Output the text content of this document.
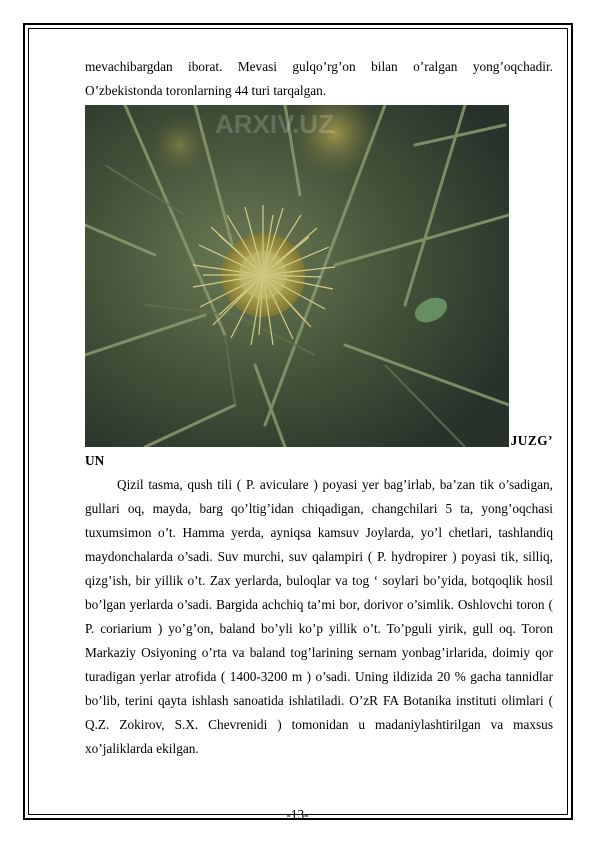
mevachibargdan iborat. Mevasi gulqo’rg’on bilan o’ralgan yong’oqchadir. O’zbekistonda toronlarning 44 turi tarqalgan.

ARXIV.UZ
JUZG’

UN

Qizil tasma, qush tili ( P. aviculare ) poyasi yer bag’irlab, ba’zan tik o’sadigan, gullari oq, mayda, barg qo’ltig’idan chiqadigan, changchilari 5 ta, yong’oqchasi tuxumsimon o’t. Hamma yerda, ayniqsa kamsuv Joylarda, yo’l chetlari, tashlandiq maydonchalarda o’sadi. Suv murchi, suv qalampiri ( P. hydropirer ) poyasi tik, silliq, qizg’ish, bir yillik o’t. Zax yerlarda, buloqlar va tog ‘ soylari bo’yida, botqoqlik hosil bo’lgan yerlarda o’sadi. Bargida achchiq ta’mi bor, dorivor o’simlik. Oshlovchi toron ( P. coriarium ) yo’g’on, baland bo’yli ko’p yillik o’t. To’pguli yirik, gull oq. Toron Markaziy Osiyoning o’rta va baland tog’larining sernam yonbag’irlarida, doimiy qor turadigan yerlar atrofida ( 1400-3200 m ) o’sadi. Uning ildizida 20 % gacha tannidlar bo’lib, terini qayta ishlash sanoatida ishlatiladi. O’zR FA Botanika instituti olimlari ( Q.Z. Zokirov, S.X. Chevrenidi ) tomonidan u madaniylashtirilgan va maxsus xo’jaliklarda ekilgan.

-13-
